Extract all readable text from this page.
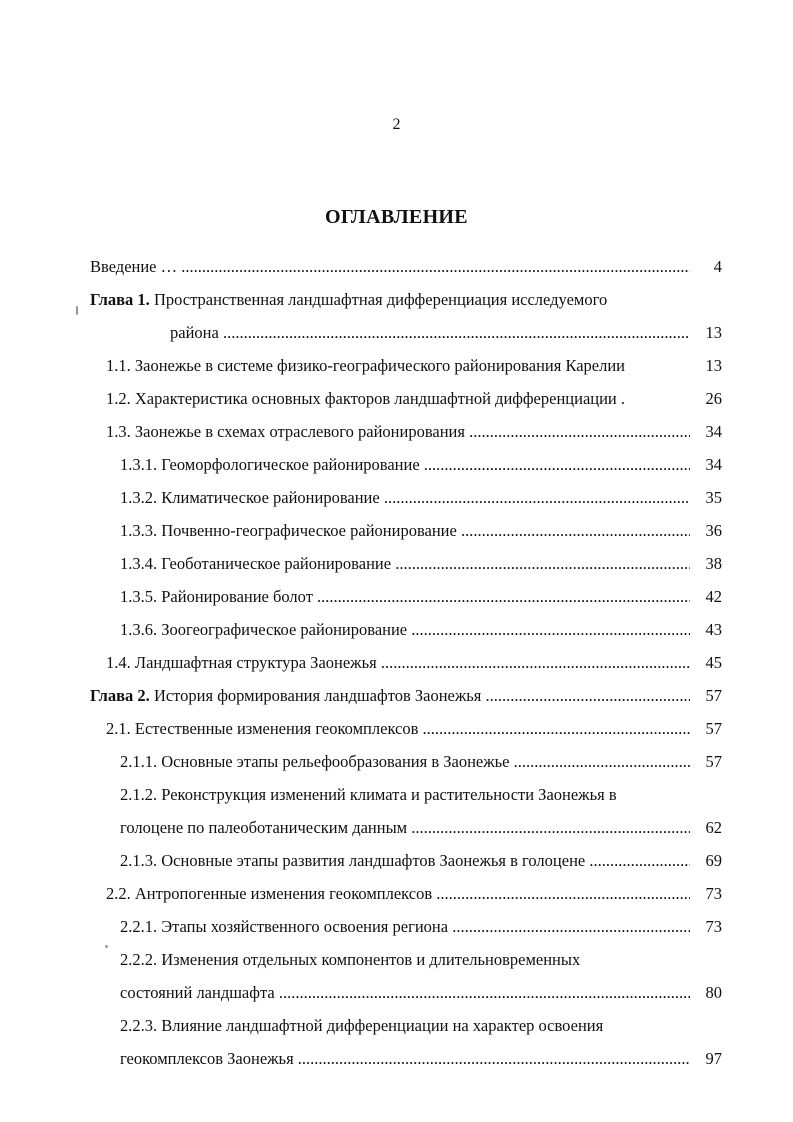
2
ОГЛАВЛЕНИЕ
Введение … .....	4
Глава 1. Пространственная ландшафтная дифференциация исследуемого
района .....	13
1.1. Заонежье в системе физико-географического районирования Карелии	13
1.2. Характеристика основных факторов ландшафтной дифференциации .	26
1.3. Заонежье в схемах отраслевого районирования .....	34
1.3.1. Геоморфологическое районирование .....	34
1.3.2. Климатическое районирование .....	35
1.3.3. Почвенно-географическое районирование .....	36
1.3.4. Геоботаническое районирование .....	38
1.3.5. Районирование болот .....	42
1.3.6. Зоогеографическое районирование .....	43
1.4. Ландшафтная структура Заонежья .....	45
Глава 2. История формирования ландшафтов Заонежья .....	57
2.1. Естественные изменения геокомплексов .....	57
2.1.1. Основные этапы рельефообразования в Заонежье .....	57
2.1.2. Реконструкция изменений климата и растительности Заонежья в
голоцене по палеоботаническим данным .....	62
2.1.3. Основные этапы развития ландшафтов Заонежья в голоцене .....	69
2.2. Антропогенные изменения геокомплексов .....	73
2.2.1. Этапы хозяйственного освоения региона .....	73
2.2.2. Изменения отдельных компонентов и длительновременных
состояний ландшафта .....	80
2.2.3. Влияние ландшафтной дифференциации на характер освоения
геокомплексов Заонежья .....	97
